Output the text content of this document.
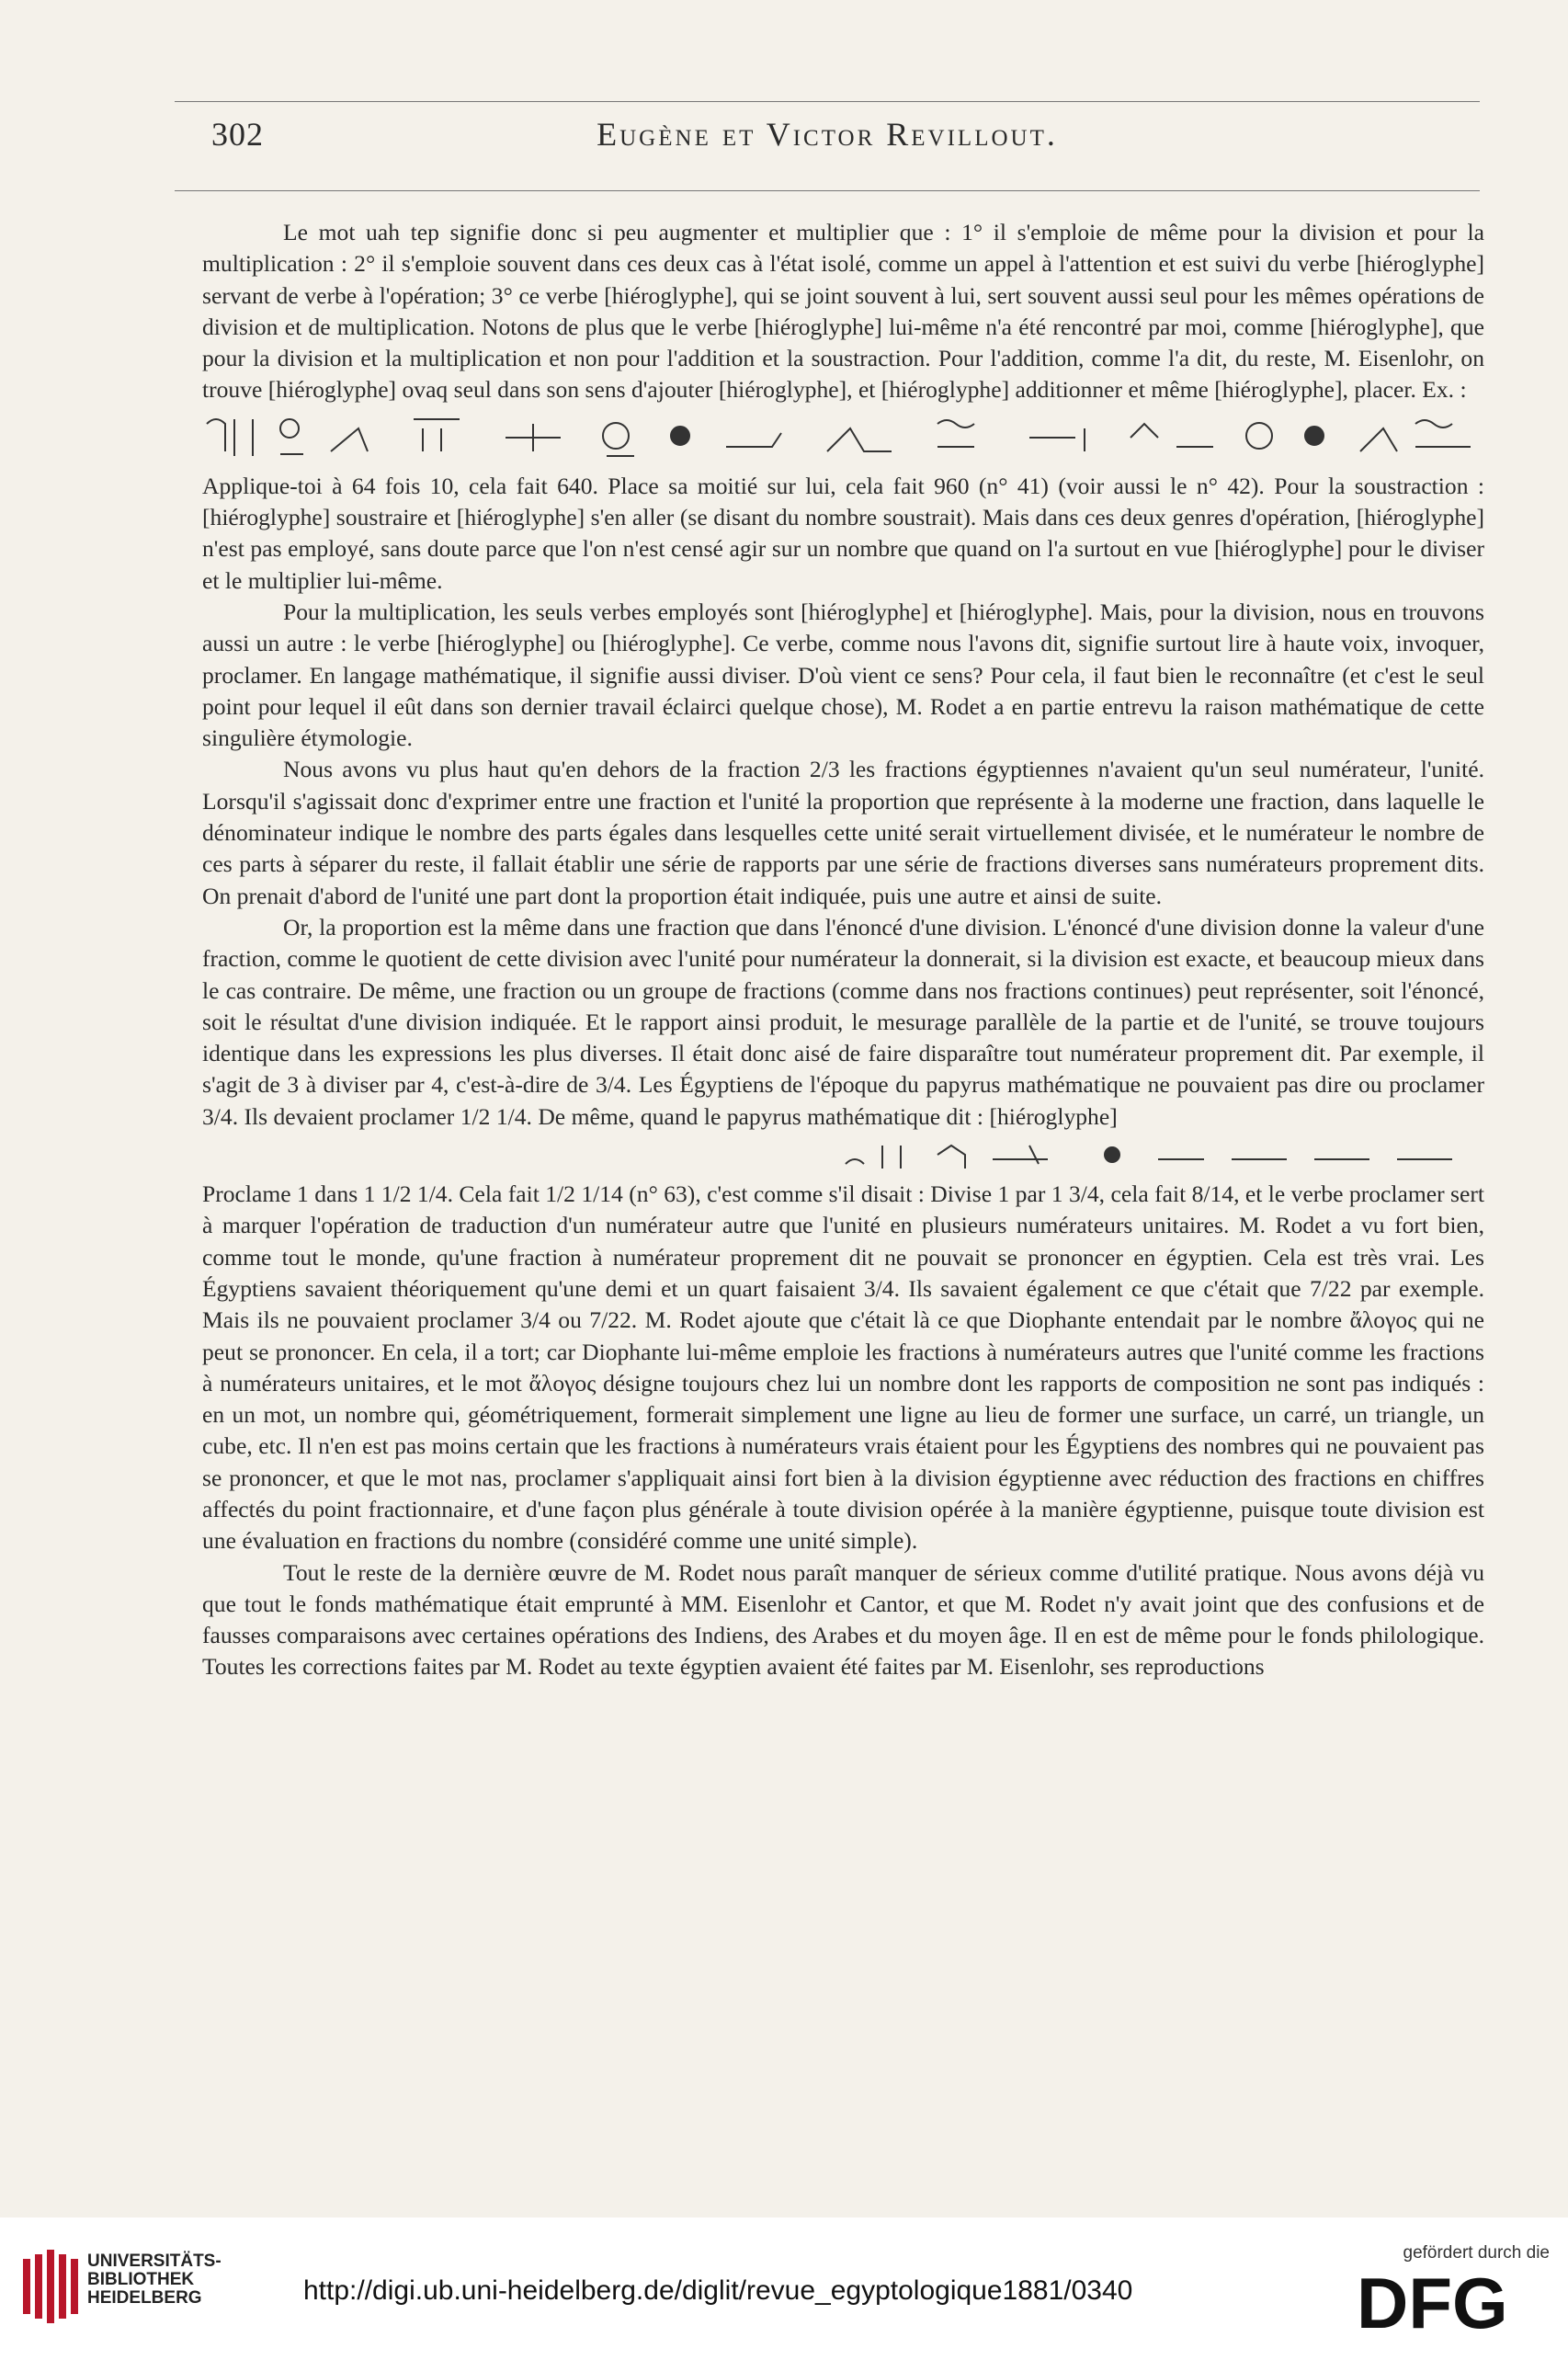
302	Eugène et Victor Revillout.

Le mot uah tep signifie donc si peu augmenter et multiplier que : 1° il s'emploie de même pour la division et pour la multiplication : 2° il s'emploie souvent dans ces deux cas à l'état isolé, comme un appel à l'attention et est suivi du verbe [hiéroglyphe] servant de verbe à l'opération; 3° ce verbe [hiéroglyphe], qui se joint souvent à lui, sert souvent aussi seul pour les mêmes opérations de division et de multiplication. Notons de plus que le verbe [hiéroglyphe] lui-même n'a été rencontré par moi, comme [hiéroglyphe], que pour la division et la multiplication et non pour l'addition et la soustraction. Pour l'addition, comme l'a dit, du reste, M. Eisenlohr, on trouve [hiéroglyphe] ovaq seul dans son sens d'ajouter [hiéroglyphe], et [hiéroglyphe] additionner et même [hiéroglyphe], placer. Ex. :

Applique-toi à 64 fois 10, cela fait 640. Place sa moitié sur lui, cela fait 960 (n° 41) (voir aussi le n° 42). Pour la soustraction : [hiéroglyphe] soustraire et [hiéroglyphe] s'en aller (se disant du nombre soustrait). Mais dans ces deux genres d'opération, [hiéroglyphe] n'est pas employé, sans doute parce que l'on n'est censé agir sur un nombre que quand on l'a surtout en vue [hiéroglyphe] pour le diviser et le multiplier lui-même.

Pour la multiplication, les seuls verbes employés sont [hiéroglyphe] et [hiéroglyphe]. Mais, pour la division, nous en trouvons aussi un autre : le verbe [hiéroglyphe] ou [hiéroglyphe]. Ce verbe, comme nous l'avons dit, signifie surtout lire à haute voix, invoquer, proclamer. En langage mathématique, il signifie aussi diviser. D'où vient ce sens? Pour cela, il faut bien le reconnaître (et c'est le seul point pour lequel il eût dans son dernier travail éclairci quelque chose), M. Rodet a en partie entrevu la raison mathématique de cette singulière étymologie.

Nous avons vu plus haut qu'en dehors de la fraction 2/3 les fractions égyptiennes n'avaient qu'un seul numérateur, l'unité. Lorsqu'il s'agissait donc d'exprimer entre une fraction et l'unité la proportion que représente à la moderne une fraction, dans laquelle le dénominateur indique le nombre des parts égales dans lesquelles cette unité serait virtuellement divisée, et le numérateur le nombre de ces parts à séparer du reste, il fallait établir une série de rapports par une série de fractions diverses sans numérateurs proprement dits. On prenait d'abord de l'unité une part dont la proportion était indiquée, puis une autre et ainsi de suite.

Or, la proportion est la même dans une fraction que dans l'énoncé d'une division. L'énoncé d'une division donne la valeur d'une fraction, comme le quotient de cette division avec l'unité pour numérateur la donnerait, si la division est exacte, et beaucoup mieux dans le cas contraire. De même, une fraction ou un groupe de fractions (comme dans nos fractions continues) peut représenter, soit l'énoncé, soit le résultat d'une division indiquée. Et le rapport ainsi produit, le mesurage parallèle de la partie et de l'unité, se trouve toujours identique dans les expressions les plus diverses. Il était donc aisé de faire disparaître tout numérateur proprement dit. Par exemple, il s'agit de 3 à diviser par 4, c'est-à-dire de 3/4. Les Égyptiens de l'époque du papyrus mathématique ne pouvaient pas dire ou proclamer 3/4. Ils devaient proclamer 1/2 1/4. De même, quand le papyrus mathématique dit : [hiéroglyphe]

Proclame 1 dans 1 1/2 1/4. Cela fait 1/2 1/14 (n° 63), c'est comme s'il disait : Divise 1 par 1 3/4, cela fait 8/14, et le verbe proclamer sert à marquer l'opération de traduction d'un numérateur autre que l'unité en plusieurs numérateurs unitaires. M. Rodet a vu fort bien, comme tout le monde, qu'une fraction à numérateur proprement dit ne pouvait se prononcer en égyptien. Cela est très vrai. Les Égyptiens savaient théoriquement qu'une demi et un quart faisaient 3/4. Ils savaient également ce que c'était que 7/22 par exemple. Mais ils ne pouvaient proclamer 3/4 ou 7/22. M. Rodet ajoute que c'était là ce que Diophante entendait par le nombre ἄλογος qui ne peut se prononcer. En cela, il a tort; car Diophante lui-même emploie les fractions à numérateurs autres que l'unité comme les fractions à numérateurs unitaires, et le mot ἄλογος désigne toujours chez lui un nombre dont les rapports de composition ne sont pas indiqués : en un mot, un nombre qui, géométriquement, formerait simplement une ligne au lieu de former une surface, un carré, un triangle, un cube, etc. Il n'en est pas moins certain que les fractions à numérateurs vrais étaient pour les Égyptiens des nombres qui ne pouvaient pas se prononcer, et que le mot nas, proclamer s'appliquait ainsi fort bien à la division égyptienne avec réduction des fractions en chiffres affectés du point fractionnaire, et d'une façon plus générale à toute division opérée à la manière égyptienne, puisque toute division est une évaluation en fractions du nombre (considéré comme une unité simple).

Tout le reste de la dernière œuvre de M. Rodet nous paraît manquer de sérieux comme d'utilité pratique. Nous avons déjà vu que tout le fonds mathématique était emprunté à MM. Eisenlohr et Cantor, et que M. Rodet n'y avait joint que des confusions et de fausses comparaisons avec certaines opérations des Indiens, des Arabes et du moyen âge. Il en est de même pour le fonds philologique. Toutes les corrections faites par M. Rodet au texte égyptien avaient été faites par M. Eisenlohr, ses reproductions

UNIVERSITÄTS-
BIBLIOTHEK
HEIDELBERG	http://digi.ub.uni-heidelberg.de/diglit/revue_egyptologique1881/0340
gefördert durch die
DFG
